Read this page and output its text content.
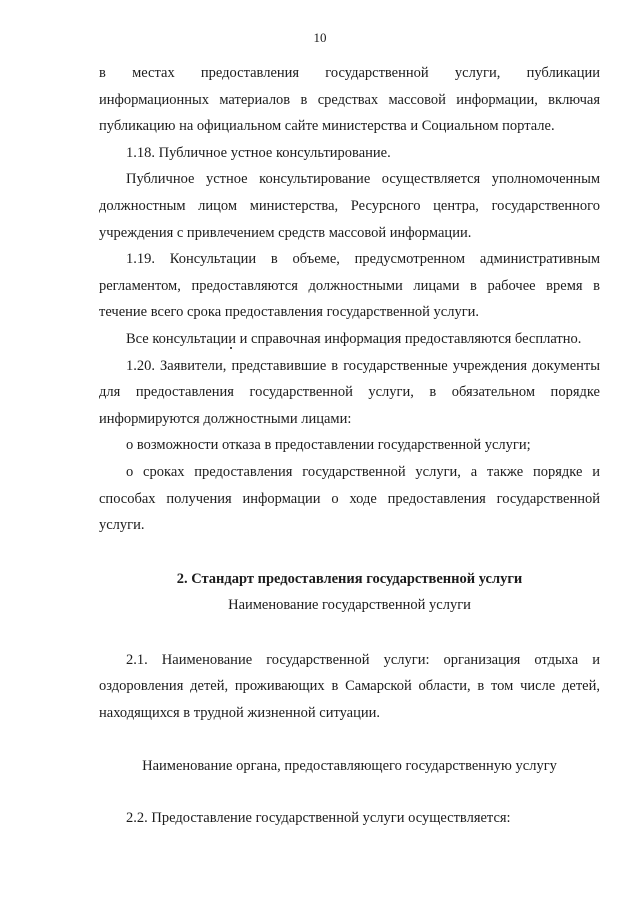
10

в местах предоставления государственной услуги, публикации информационных материалов в средствах массовой информации, включая публикацию на официальном сайте министерства и Социальном портале.

1.18. Публичное устное консультирование.

Публичное устное консультирование осуществляется уполномоченным должностным лицом министерства, Ресурсного центра, государственного учреждения с привлечением средств массовой информации.

1.19. Консультации в объеме, предусмотренном административным регламентом, предоставляются должностными лицами в рабочее время в течение всего срока предоставления государственной услуги.

Все консультации и справочная информация предоставляются бесплатно.

1.20. Заявители, представившие в государственные учреждения документы для предоставления государственной услуги, в обязательном порядке информируются должностными лицами:

о возможности отказа в предоставлении государственной услуги;

о сроках предоставления государственной услуги, а также порядке и способах получения информации о ходе предоставления государственной услуги.

2. Стандарт предоставления государственной услуги

Наименование государственной услуги

2.1. Наименование государственной услуги: организация отдыха и оздоровления детей, проживающих в Самарской области, в том числе детей, находящихся в трудной жизненной ситуации.

Наименование органа, предоставляющего государственную услугу

2.2. Предоставление государственной услуги осуществляется:
